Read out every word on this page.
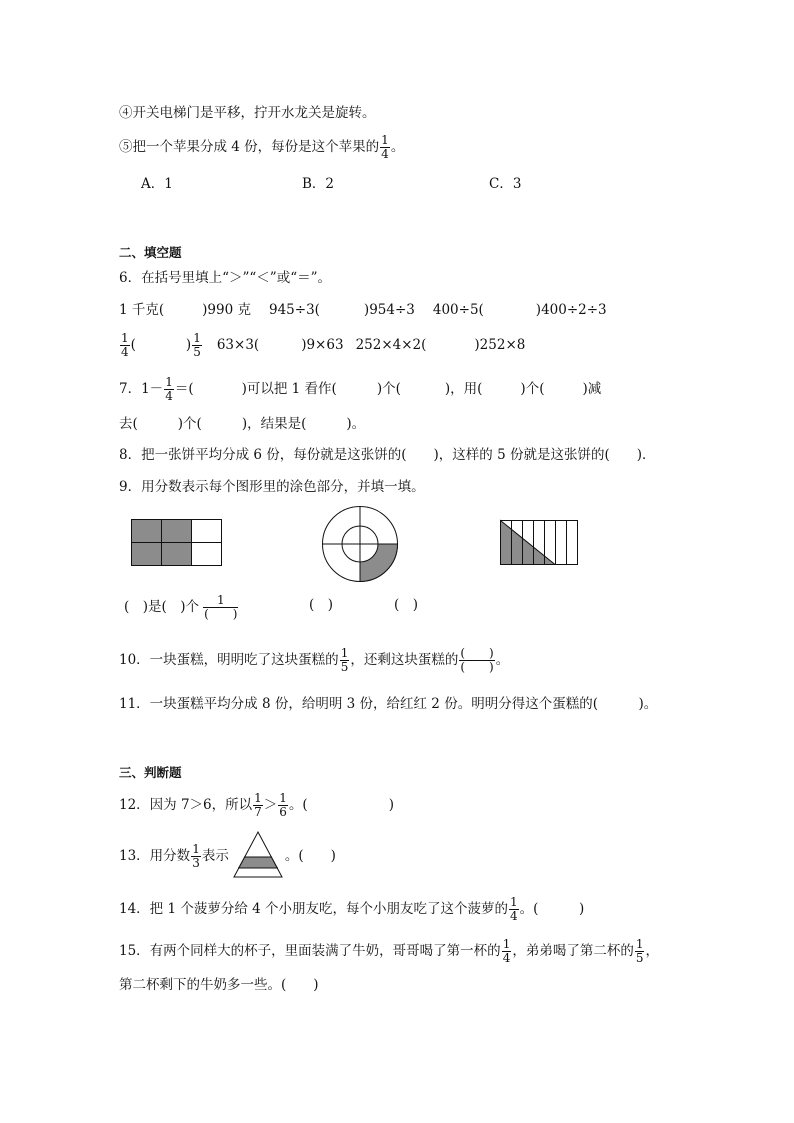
④开关电梯门是平移，拧开水龙关是旋转。
⑤把一个苹果分成 4 份，每份是这个苹果的 $\frac{1}{4}$ 。
A．1	B．2	C．3
二、填空题
6．在括号里填上“＞”“＜”或“＝”。
1 千克(	)990 克 945÷3(	)954÷3 400÷5(	)400÷2÷3
$\frac{1}{4}$ (	) $\frac{1}{5} 63\times 3$(	)9×63 252×4×2(	)252×8
7．$1- \frac{1}{4}$ ＝(	)可以把 1 看作(	)个(	)，用(	)个(	)减
去(	)个(	)，结果是(	)。
8．把一张饼平均分成 6 份，每份就是这张饼的(　　)，这样的 5 份就是这张饼的(　　)．
9．用分数表示每个图形里的涂色部分，并填一填。
(　)是(　)个 $\frac{1}{( )}$	(　)	(　)
10．一块蛋糕，明明吃了这块蛋糕的 $\frac{1}{5}$ ，还剩这块蛋糕的 $\frac{( )}{( )}$ 。
11．一块蛋糕平均分成 8 份，给明明 3 份，给红红 2 份。明明分得这个蛋糕的(　　　)。
三、判断题
12．因为 7＞6，所以 $\frac{1}{7} > \frac{1}{6}$ 。(　　　　　　)
13．用分数 $\frac{1}{3}$ 表示	。(　　)
14．把 1 个菠萝分给 4 个小朋友吃，每个小朋友吃了这个菠萝的 $\frac{1}{4}$ 。(　　　)
15．有两个同样大的杯子，里面装满了牛奶，哥哥喝了第一杯的 $\frac{1}{4}$ ，弟弟喝了第二杯的 $\frac{1}{5}$ ，
第二杯剩下的牛奶多一些。(　　)
